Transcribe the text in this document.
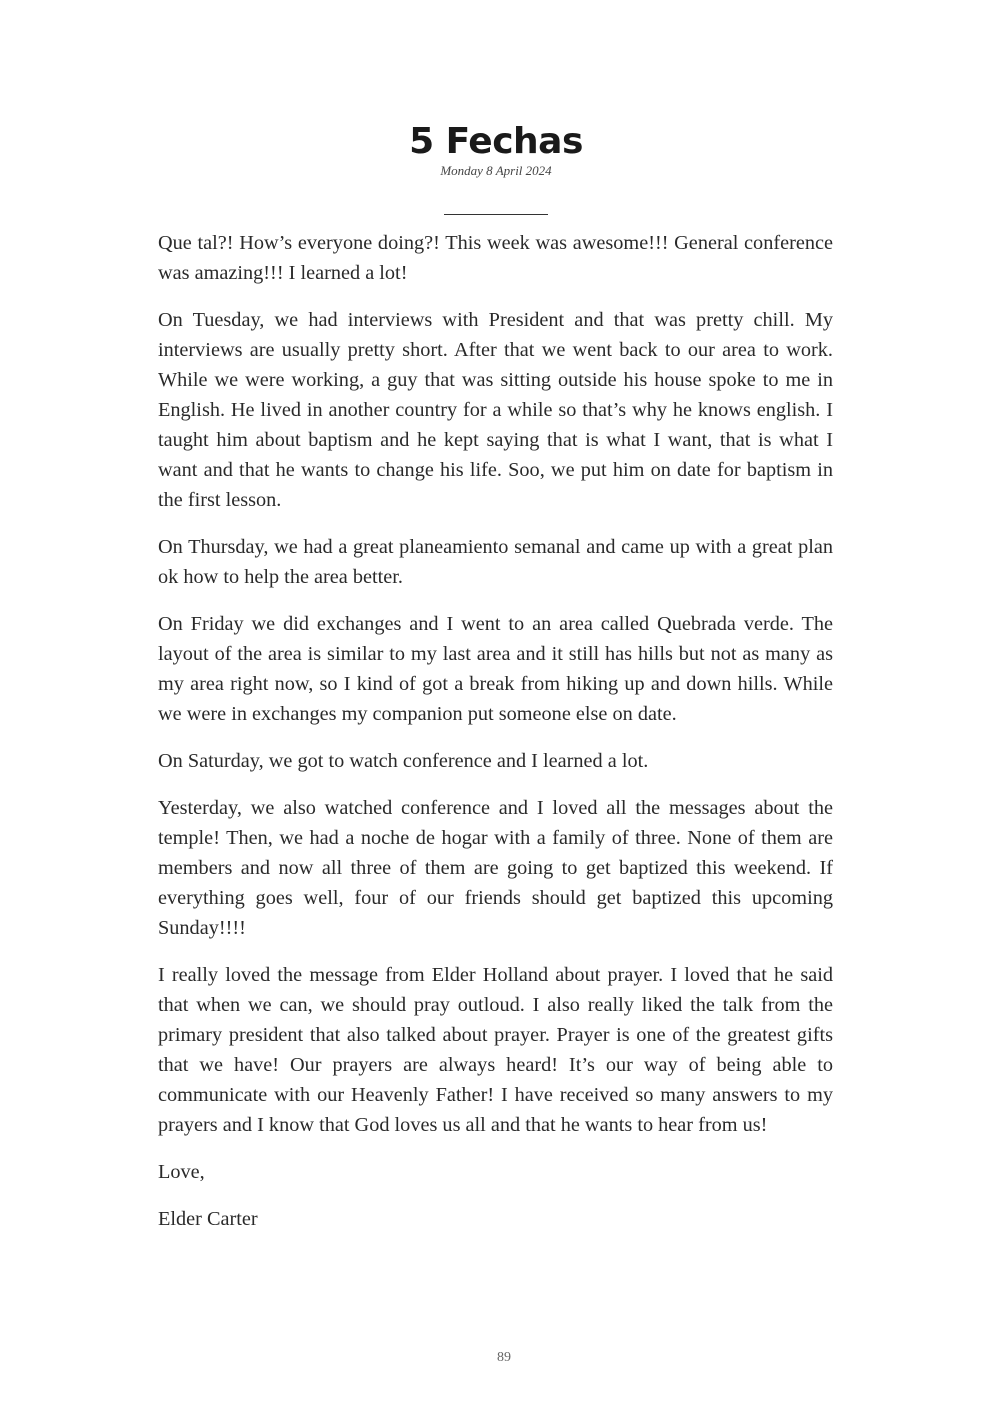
5 Fechas
Monday 8 April 2024

Que tal?! How’s everyone doing?! This week was awesome!!! General conference was amazing!!! I learned a lot!

On Tuesday, we had interviews with President and that was pretty chill. My interviews are usually pretty short. After that we went back to our area to work. While we were working, a guy that was sitting outside his house spoke to me in English. He lived in another country for a while so that’s why he knows english. I taught him about baptism and he kept saying that is what I want, that is what I want and that he wants to change his life. Soo, we put him on date for baptism in the first lesson.

On Thursday, we had a great planeamiento semanal and came up with a great plan ok how to help the area better.

On Friday we did exchanges and I went to an area called Quebrada verde. The layout of the area is similar to my last area and it still has hills but not as many as my area right now, so I kind of got a break from hiking up and down hills. While we were in exchanges my companion put someone else on date.

On Saturday, we got to watch conference and I learned a lot.

Yesterday, we also watched conference and I loved all the messages about the temple! Then, we had a noche de hogar with a family of three. None of them are members and now all three of them are going to get baptized this weekend. If everything goes well, four of our friends should get baptized this upcoming Sunday!!!!

I really loved the message from Elder Holland about prayer. I loved that he said that when we can, we should pray outloud. I also really liked the talk from the primary president that also talked about prayer. Prayer is one of the greatest gifts that we have! Our prayers are always heard! It’s our way of being able to communicate with our Heavenly Father! I have received so many answers to my prayers and I know that God loves us all and that he wants to hear from us!

Love,

Elder Carter

89
